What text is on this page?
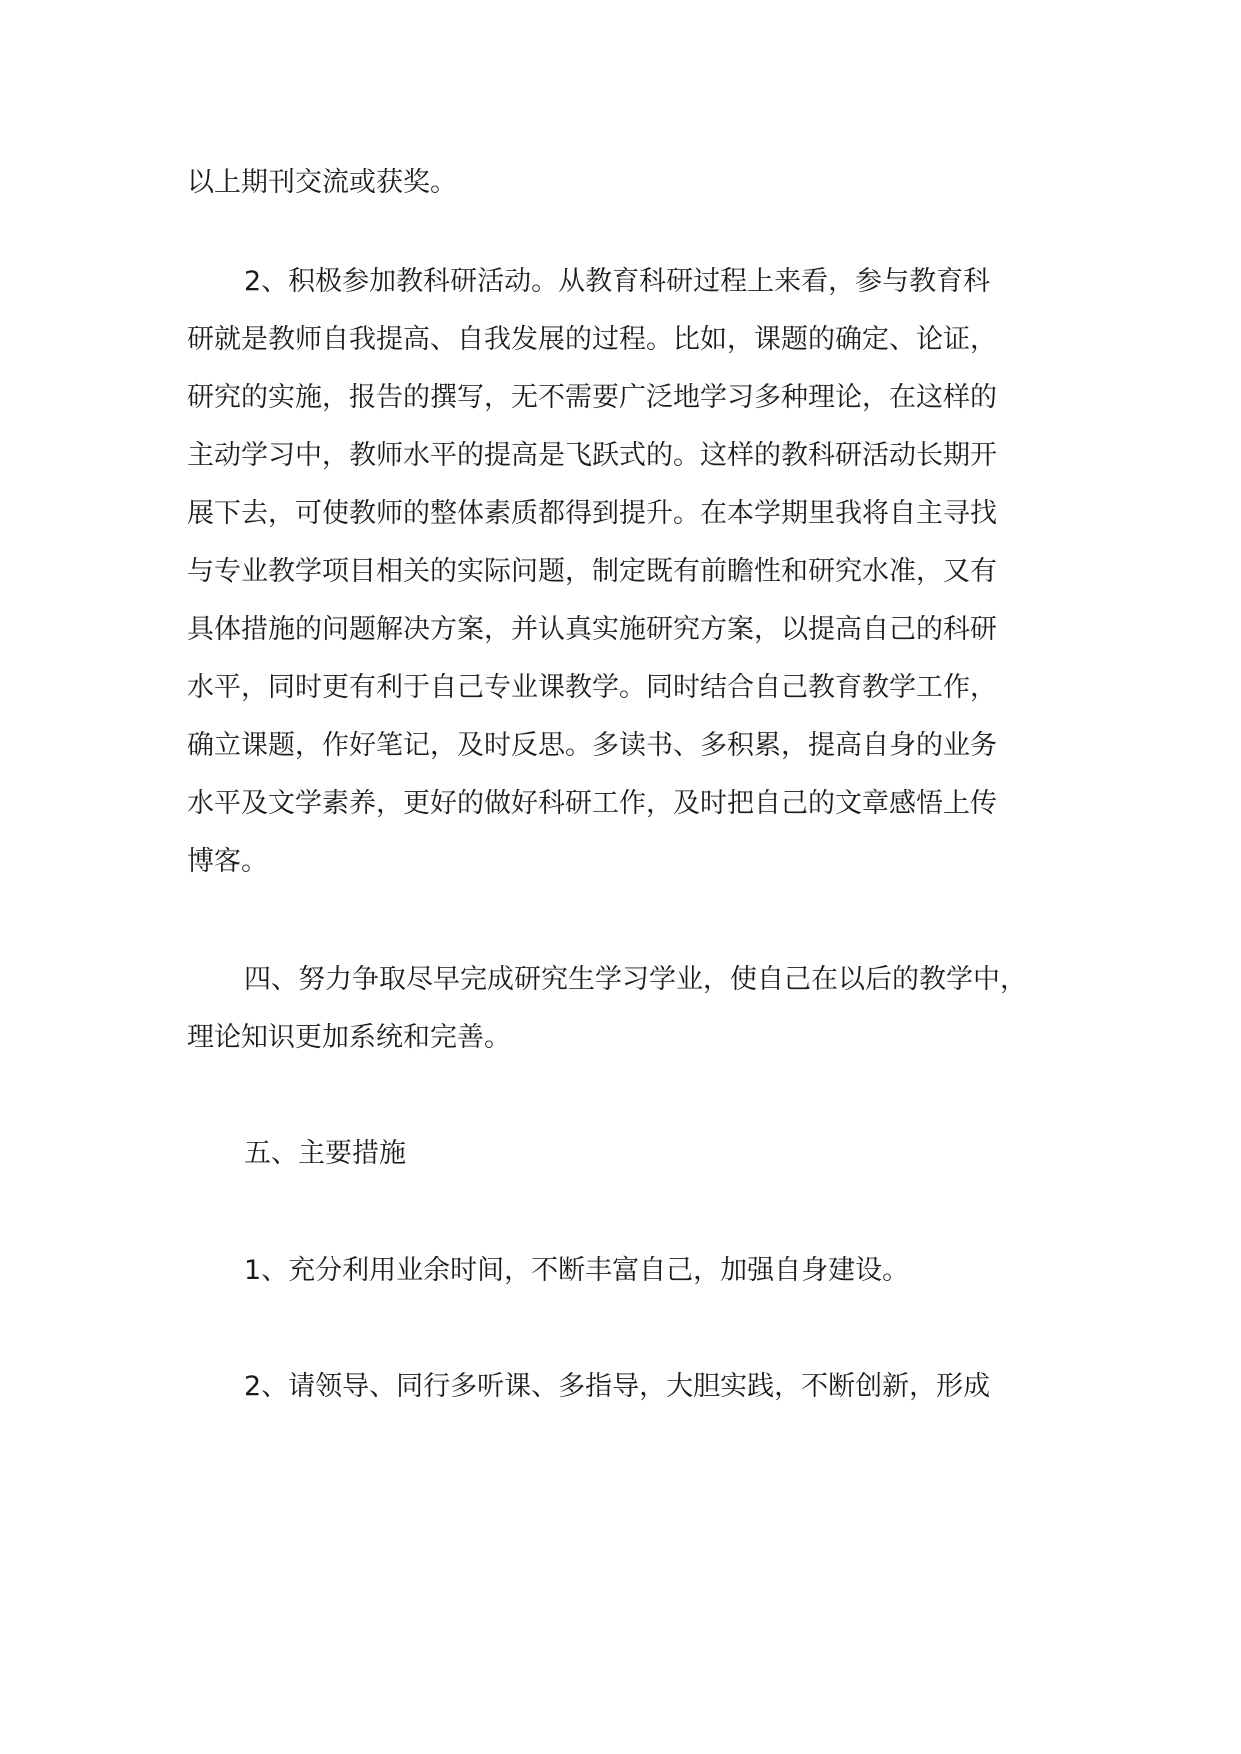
以上期刊交流或获奖。
2、积极参加教科研活动。从教育科研过程上来看，参与教育科
研就是教师自我提高、自我发展的过程。比如，课题的确定、论证，
研究的实施，报告的撰写，无不需要广泛地学习多种理论，在这样的
主动学习中，教师水平的提高是飞跃式的。这样的教科研活动长期开
展下去，可使教师的整体素质都得到提升。在本学期里我将自主寻找
与专业教学项目相关的实际问题，制定既有前瞻性和研究水准，又有
具体措施的问题解决方案，并认真实施研究方案，以提高自己的科研
水平，同时更有利于自己专业课教学。同时结合自己教育教学工作，
确立课题，作好笔记，及时反思。多读书、多积累，提高自身的业务
水平及文学素养，更好的做好科研工作，及时把自己的文章感悟上传
博客。
四、努力争取尽早完成研究生学习学业，使自己在以后的教学中，
理论知识更加系统和完善。
五、主要措施
1、充分利用业余时间，不断丰富自己，加强自身建设。
2、请领导、同行多听课、多指导，大胆实践，不断创新，形成
